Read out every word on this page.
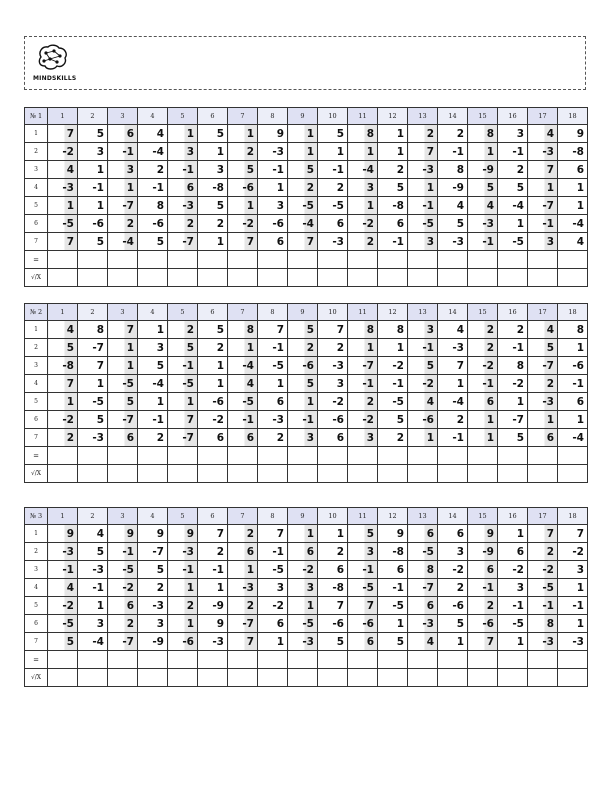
MINDSKILLS
№ 1	1	2	3	4	5	6	7	8	9	10	11	12	13	14	15	16	17	18
1	7	5	6	4	1	5	1	9	1	5	8	1	2	2	8	3	4	9
2	-2	3	-1	-4	3	1	2	-3	1	1	1	1	7	-1	1	-1	-3	-8
3	4	1	3	2	-1	3	5	-1	5	-1	-4	2	-3	8	-9	2	7	6
4	-3	-1	1	-1	6	-8	-6	1	2	2	3	5	1	-9	5	5	1	1
5	1	1	-7	8	-3	5	1	3	-5	-5	1	-8	-1	4	4	-4	-7	1
6	-5	-6	2	-6	2	2	-2	-6	-4	6	-2	6	-5	5	-3	1	-1	-4
7	7	5	-4	5	-7	1	7	6	7	-3	2	-1	3	-3	-1	-5	3	4
=																		
√/X																		
№ 2	1	2	3	4	5	6	7	8	9	10	11	12	13	14	15	16	17	18
1	4	8	7	1	2	5	8	7	5	7	8	8	3	4	2	2	4	8
2	5	-7	1	3	5	2	1	-1	2	2	1	1	-1	-3	2	-1	5	1
3	-8	7	1	5	-1	1	-4	-5	-6	-3	-7	-2	5	7	-2	8	-7	-6
4	7	1	-5	-4	-5	1	4	1	5	3	-1	-1	-2	1	-1	-2	2	-1
5	1	-5	5	1	1	-6	-5	6	1	-2	2	-5	4	-4	6	1	-3	6
6	-2	5	-7	-1	7	-2	-1	-3	-1	-6	-2	5	-6	2	1	-7	1	1
7	2	-3	6	2	-7	6	6	2	3	6	3	2	1	-1	1	5	6	-4
=																		
√/X																		
№ 3	1	2	3	4	5	6	7	8	9	10	11	12	13	14	15	16	17	18
1	9	4	9	9	9	7	2	7	1	1	5	9	6	6	9	1	7	7
2	-3	5	-1	-7	-3	2	6	-1	6	2	3	-8	-5	3	-9	6	2	-2
3	-1	-3	-5	5	-1	-1	1	-5	-2	6	-1	6	8	-2	6	-2	-2	3
4	4	-1	-2	2	1	1	-3	3	3	-8	-5	-1	-7	2	-1	3	-5	1
5	-2	1	6	-3	2	-9	2	-2	1	7	7	-5	6	-6	2	-1	-1	-1
6	-5	3	2	3	1	9	-7	6	-5	-6	-6	1	-3	5	-6	-5	8	1
7	5	-4	-7	-9	-6	-3	7	1	-3	5	6	5	4	1	7	1	-3	-3
=																		
√/X																		
